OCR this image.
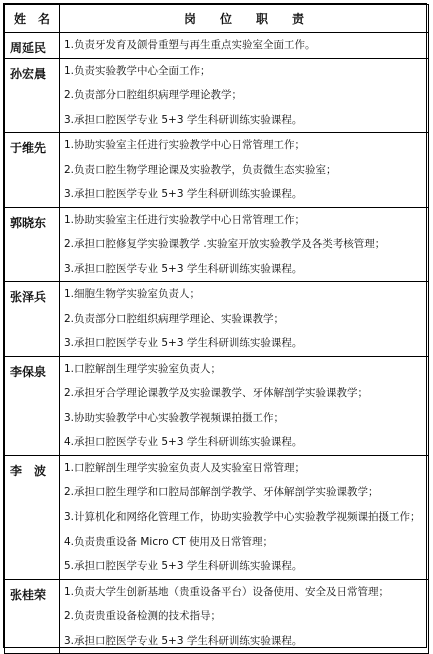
姓　名	岗　　位　　职　　责
周延民	1.负责牙发育及颌骨重塑与再生重点实验室全面工作。

孙宏晨	1.负责实验教学中心全面工作；
2.负责部分口腔组织病理学理论教学；
3.承担口腔医学专业 5+3 学生科研训练实验课程。

于维先	1.协助实验室主任进行实验教学中心日常管理工作；
2.负责口腔生物学理论课及实验教学，负责微生态实验室；
3.承担口腔医学专业 5+3 学生科研训练实验课程。

郭晓东	1.协助实验室主任进行实验教学中心日常管理工作；
2.承担口腔修复学实验课教学 .实验室开放实验教学及各类考核管理；
3.承担口腔医学专业 5+3 学生科研训练实验课程。

张泽兵	1.细胞生物学实验室负责人；
2.负责部分口腔组织病理学理论、实验课教学；
3.承担口腔医学专业 5+3 学生科研训练实验课程。

李保泉	1.口腔解剖生理学实验室负责人；
2.承担牙合学理论课教学及实验课教学、牙体解剖学实验课教学；
3.协助实验教学中心实验教学视频课拍摄工作；
4.承担口腔医学专业 5+3 学生科研训练实验课程。

李　波	1.口腔解剖生理学实验室负责人及实验室日常管理；
2.承担口腔生理学和口腔局部解剖学教学、牙体解剖学实验课教学；
3.计算机化和网络化管理工作，协助实验教学中心实验教学视频课拍摄工作；
4.负责贵重设备 Micro CT 使用及日常管理；
5.承担口腔医学专业 5+3 学生科研训练实验课程。

张桂荣	1.负责大学生创新基地（贵重设备平台）设备使用、安全及日常管理；
2.负责贵重设备检测的技术指导；
3.承担口腔医学专业 5+3 学生科研训练实验课程。
